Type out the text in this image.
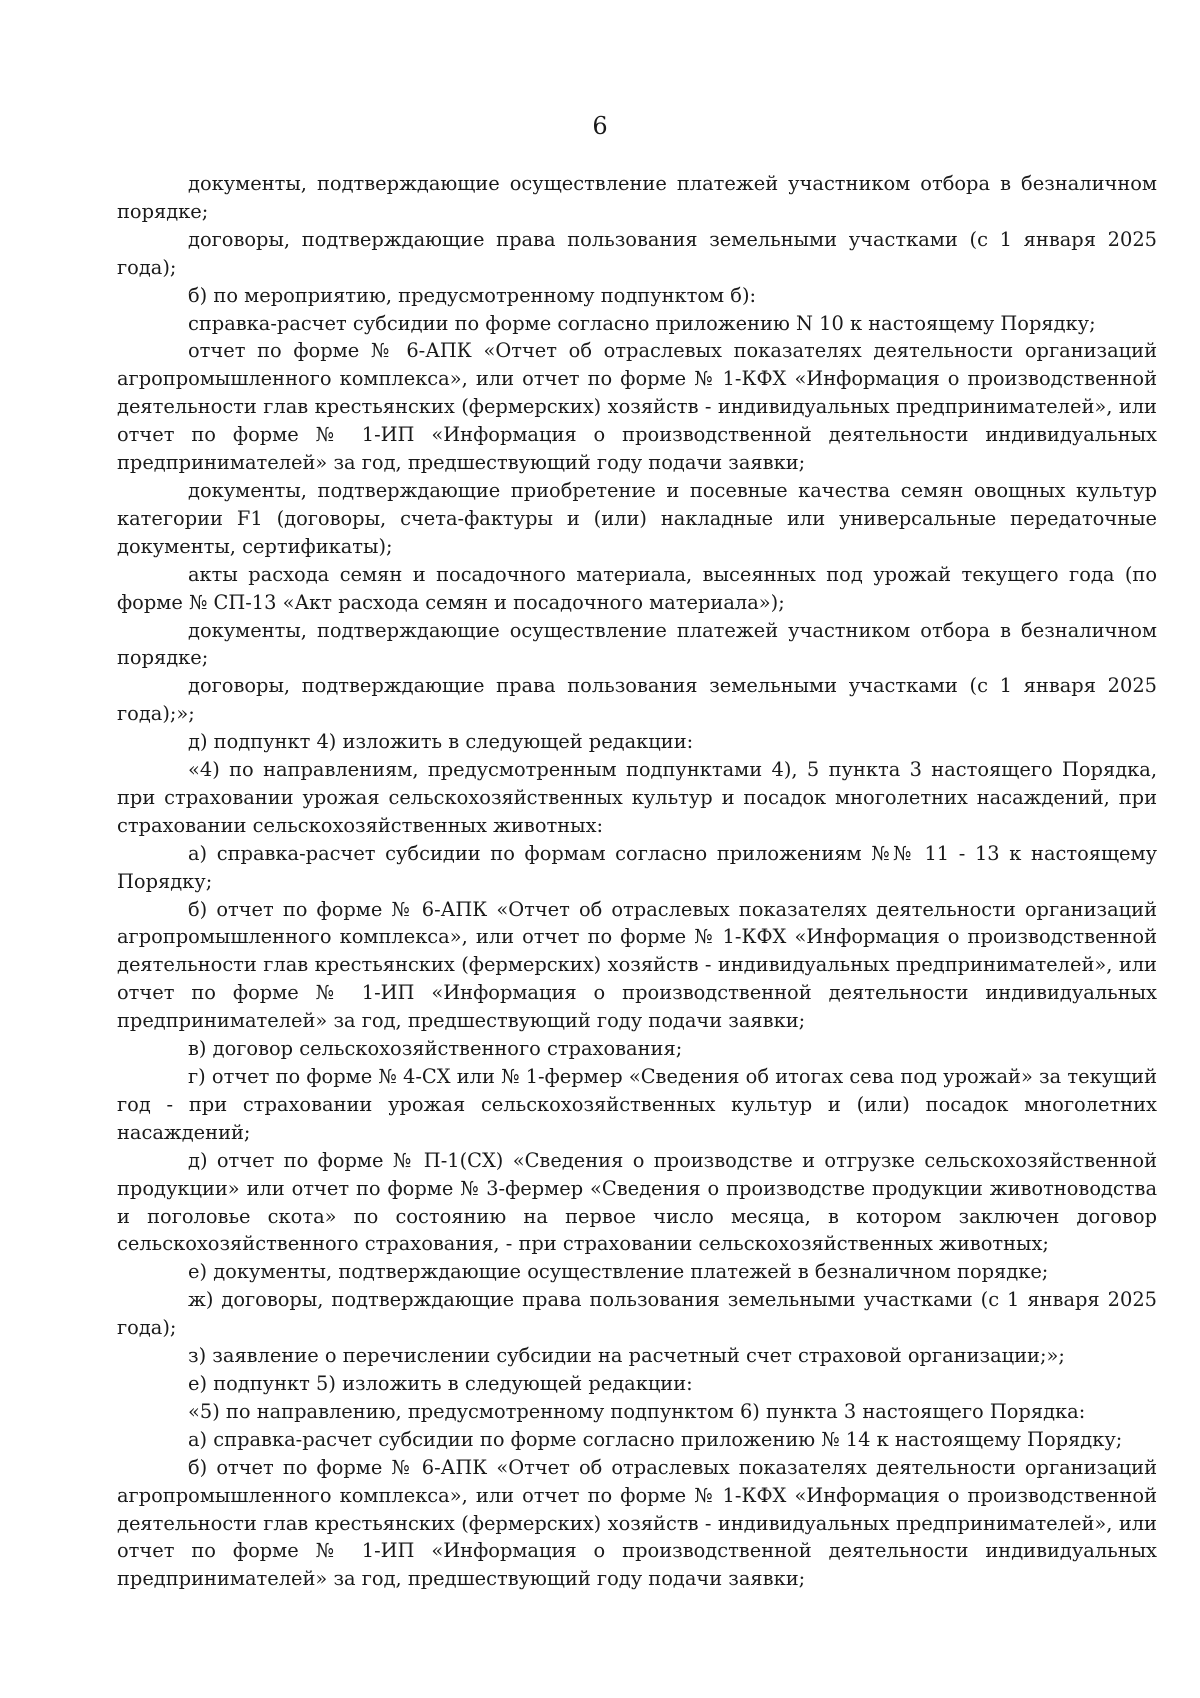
6

документы, подтверждающие осуществление платежей участником отбора в безналичном порядке;

договоры, подтверждающие права пользования земельными участками (с 1 января 2025 года);

б) по мероприятию, предусмотренному подпунктом б):

справка-расчет субсидии по форме согласно приложению N 10 к настоящему Порядку;

отчет по форме № 6-АПК «Отчет об отраслевых показателях деятельности организаций агропромышленного комплекса», или отчет по форме № 1-КФХ «Информация о производственной деятельности глав крестьянских (фермерских) хозяйств - индивидуальных предпринимателей», или отчет по форме № 1-ИП «Информация о производственной деятельности индивидуальных предпринимателей» за год, предшествующий году подачи заявки;

документы, подтверждающие приобретение и посевные качества семян овощных культур категории F1 (договоры, счета-фактуры и (или) накладные или универсальные передаточные документы, сертификаты);

акты расхода семян и посадочного материала, высеянных под урожай текущего года (по форме № СП-13 «Акт расхода семян и посадочного материала»);

документы, подтверждающие осуществление платежей участником отбора в безналичном порядке;

договоры, подтверждающие права пользования земельными участками (с 1 января 2025 года);»;

д) подпункт 4) изложить в следующей редакции:

«4) по направлениям, предусмотренным подпунктами 4), 5 пункта 3 настоящего Порядка, при страховании урожая сельскохозяйственных культур и посадок многолетних насаждений, при страховании сельскохозяйственных животных:

а) справка-расчет субсидии по формам согласно приложениям №№ 11 - 13 к настоящему Порядку;

б) отчет по форме № 6-АПК «Отчет об отраслевых показателях деятельности организаций агропромышленного комплекса», или отчет по форме № 1-КФХ «Информация о производственной деятельности глав крестьянских (фермерских) хозяйств - индивидуальных предпринимателей», или отчет по форме № 1-ИП «Информация о производственной деятельности индивидуальных предпринимателей» за год, предшествующий году подачи заявки;

в) договор сельскохозяйственного страхования;

г) отчет по форме № 4-СХ или № 1-фермер «Сведения об итогах сева под урожай» за текущий год - при страховании урожая сельскохозяйственных культур и (или) посадок многолетних насаждений;

д) отчет по форме № П-1(СХ) «Сведения о производстве и отгрузке сельскохозяйственной продукции» или отчет по форме № 3-фермер «Сведения о производстве продукции животноводства и поголовье скота» по состоянию на первое число месяца, в котором заключен договор сельскохозяйственного страхования, - при страховании сельскохозяйственных животных;

е) документы, подтверждающие осуществление платежей в безналичном порядке;

ж) договоры, подтверждающие права пользования земельными участками (с 1 января 2025 года);

з) заявление о перечислении субсидии на расчетный счет страховой организации;»;

е) подпункт 5) изложить в следующей редакции:

«5) по направлению, предусмотренному подпунктом 6) пункта 3 настоящего Порядка:

а) справка-расчет субсидии по форме согласно приложению № 14 к настоящему Порядку;

б) отчет по форме № 6-АПК «Отчет об отраслевых показателях деятельности организаций агропромышленного комплекса», или отчет по форме № 1-КФХ «Информация о производственной деятельности глав крестьянских (фермерских) хозяйств - индивидуальных предпринимателей», или отчет по форме № 1-ИП «Информация о производственной деятельности индивидуальных предпринимателей» за год, предшествующий году подачи заявки;
